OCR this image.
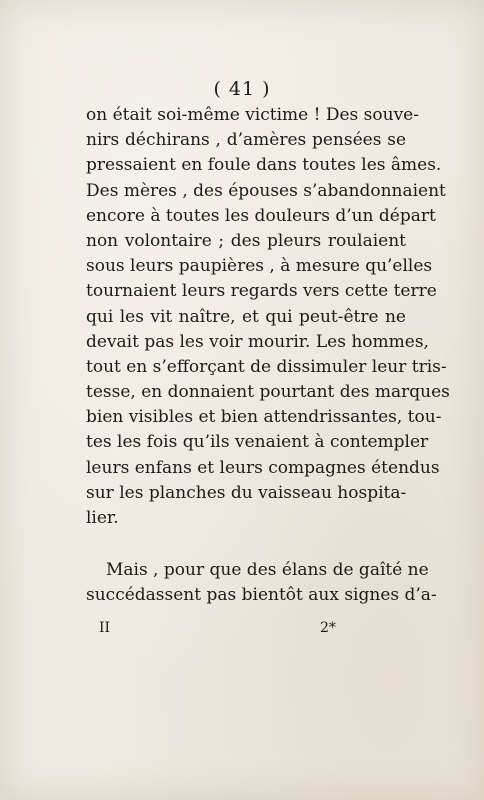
( 41 )
on était soi-même victime ! Des souve-
nirs déchirans , d’amères pensées se
pressaient en foule dans toutes les âmes.
Des mères , des épouses s’abandonnaient
encore à toutes les douleurs d’un départ
non volontaire ; des pleurs roulaient
sous leurs paupières , à mesure qu’elles
tournaient leurs regards vers cette terre
qui les vit naître, et qui peut-être ne
devait pas les voir mourir. Les hommes,
tout en s’efforçant de dissimuler leur tris-
tesse, en donnaient pourtant des marques
bien visibles et bien attendrissantes, tou-
tes les fois qu’ils venaient à contempler
leurs enfans et leurs compagnes étendus
sur les planches du vaisseau hospita-
lier.
Mais , pour que des élans de gaîté ne
succédassent pas bientôt aux signes d’a-
II	2*
